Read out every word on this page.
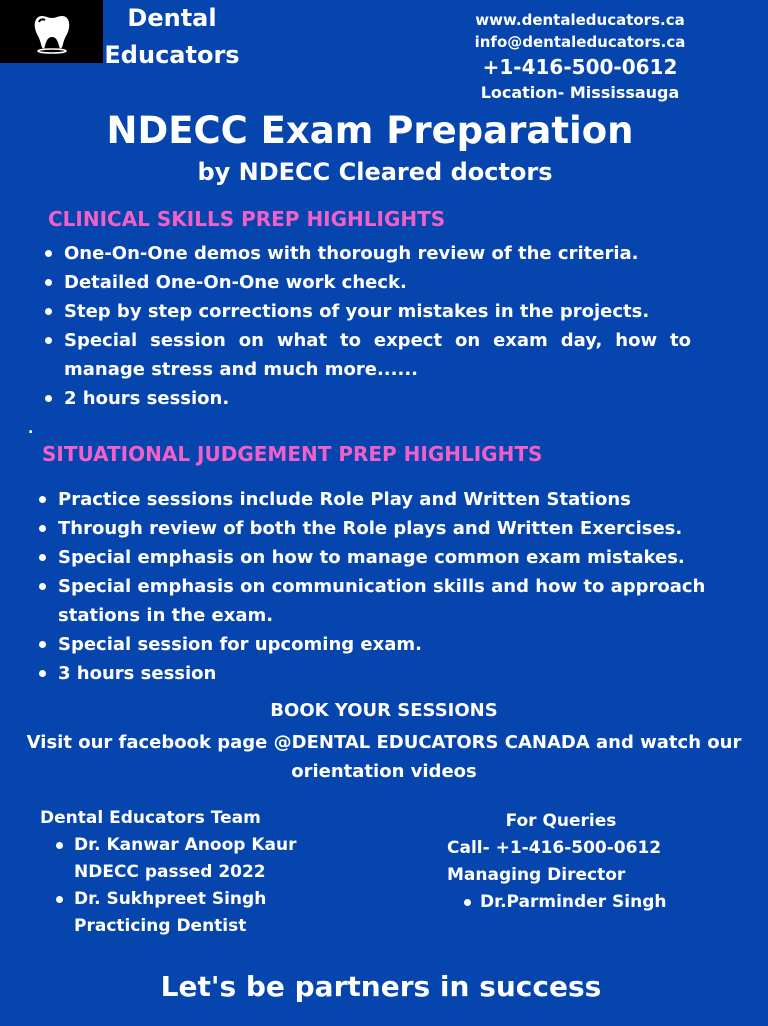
Dental
Educators
www.dentaleducators.ca
info@dentaleducators.ca
+1-416-500-0612
Location- Mississauga
NDECC Exam Preparation
by NDECC Cleared doctors
CLINICAL SKILLS PREP HIGHLIGHTS
One-On-One demos with thorough review of the criteria.
Detailed One-On-One work check.
Step by step corrections of your mistakes in the projects.
Special session on what to expect on exam day, how to manage stress and much more......
2 hours session.
.
SITUATIONAL JUDGEMENT PREP HIGHLIGHTS
Practice sessions include Role Play and Written Stations
Through review of both the Role plays and Written Exercises.
Special emphasis on how to manage common exam mistakes.
Special emphasis on communication skills and how to approach stations in the exam.
Special session for upcoming exam.
3 hours session
BOOK YOUR SESSIONS
Visit our facebook page @DENTAL EDUCATORS CANADA and watch our
orientation videos
Dental Educators Team
Dr. Kanwar Anoop Kaur
NDECC passed 2022
Dr. Sukhpreet Singh
Practicing Dentist
For Queries
Call- +1-416-500-0612
Managing Director
Dr.Parminder Singh
Let's be partners in success
